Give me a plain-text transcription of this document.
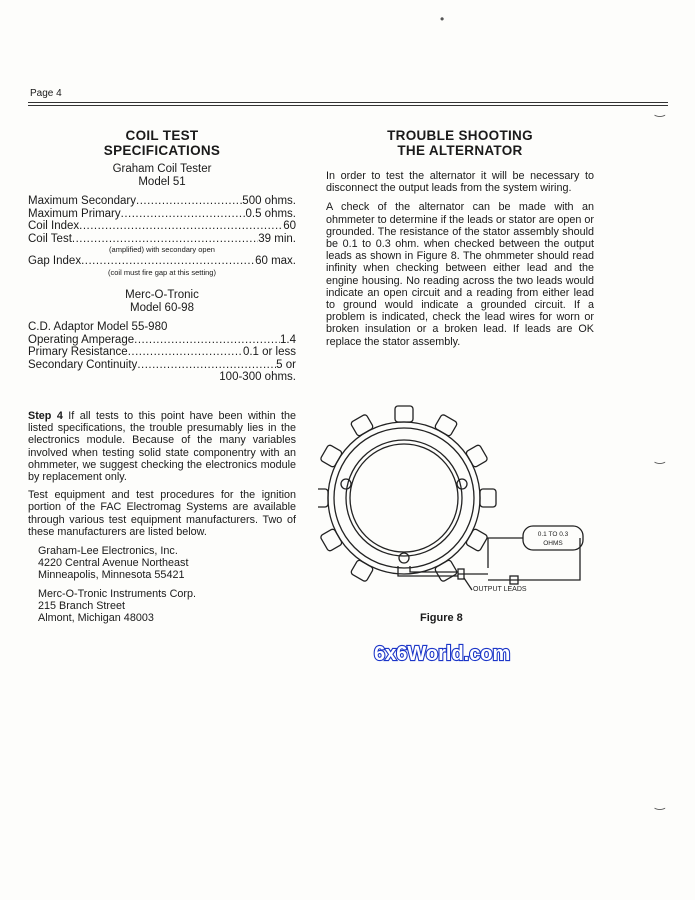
Page 4
•
‿
‿
‿
COIL TEST
SPECIFICATIONS
Graham Coil Tester
Model 51
Maximum Secondary .....	500 ohms.
Maximum Primary .....	0.5 ohms.
Coil Index .....	60
Coil Test .....	39 min.
(amplified) with secondary open
Gap Index .....	60 max.
(coil must fire gap at this setting)
Merc-O-Tronic
Model 60-98
C.D. Adaptor Model 55-980
Operating Amperage .....	1.4
Primary Resistance .....	0.1 or less
Secondary Continuity .....	5 or
100-300 ohms.

Step 4 If all tests to this point have been within the listed specifications, the trouble presumably lies in the electronics module. Because of the many variables involved when testing solid state componentry with an ohmmeter, we suggest checking the electronics module by replacement only.

Test equipment and test procedures for the ignition portion of the FAC Electromag Systems are available through various test equipment manufacturers. Two of these manufacturers are listed below.

Graham-Lee Electronics, Inc.
4220 Central Avenue Northeast
Minneapolis, Minnesota 55421
Merc-O-Tronic Instruments Corp.
215 Branch Street
Almont, Michigan 48003
TROUBLE SHOOTING
THE ALTERNATOR

In order to test the alternator it will be necessary to disconnect the output leads from the system wiring.

A check of the alternator can be made with an ohmmeter to determine if the leads or stator are open or grounded. The resistance of the stator assembly should be 0.1 to 0.3 ohm. when checked between the output leads as shown in Figure 8. The ohmmeter should read infinity when checking between either lead and the engine housing. No reading across the two leads would indicate an open circuit and a reading from either lead to ground would indicate a grounded circuit. If a problem is indicated, check the lead wires for worn or broken insulation or a broken lead. If leads are OK replace the stator assembly.

0.1 TO 0.3
OHMS
OUTPUT LEADS
Figure 8
6x6World.com
